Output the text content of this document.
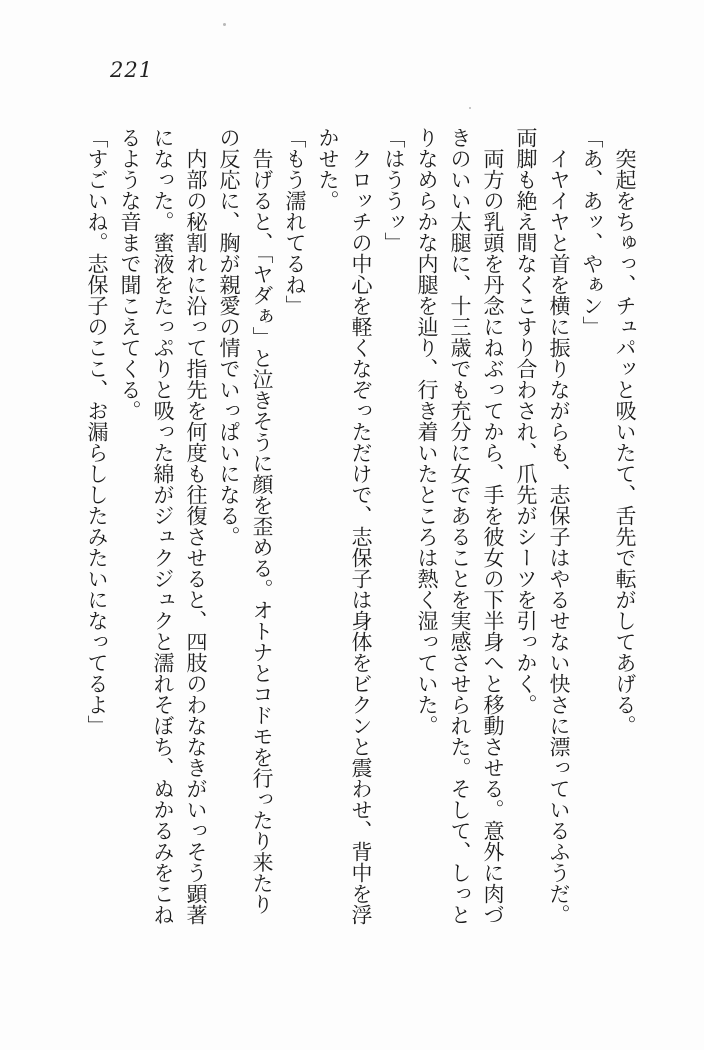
221
突起をちゅっ、チュパッと吸いたて、舌先で転がしてあげる。
「あ、あッ、やぁン」
イヤイヤと首を横に振りながらも、志保子はやるせない快さに漂っているふうだ。
両脚も絶え間なくこすり合わされ、爪先がシーツを引っかく。
両方の乳頭を丹念にねぶってから、手を彼女の下半身へと移動させる。意外に肉づ
きのいい太腿に、十三歳でも充分に女であることを実感させられた。そして、しっと
りなめらかな内腿を辿り、行き着いたところは熱く湿っていた。
「はううッ」
クロッチの中心を軽くなぞっただけで、志保子は身体をビクンと震わせ、背中を浮
かせた。
「もう濡れてるね」
告げると、「ヤダぁ」と泣きそうに顔を歪める。オトナとコドモを行ったり来たり
の反応に、胸が親愛の情でいっぱいになる。
内部の秘割れに沿って指先を何度も往復させると、四肢のわななきがいっそう顕著
になった。蜜液をたっぷりと吸った綿がジュクジュクと濡れそぼち、ぬかるみをこね
るような音まで聞こえてくる。
「すごいね。志保子のここ、お漏らししたみたいになってるよ」
